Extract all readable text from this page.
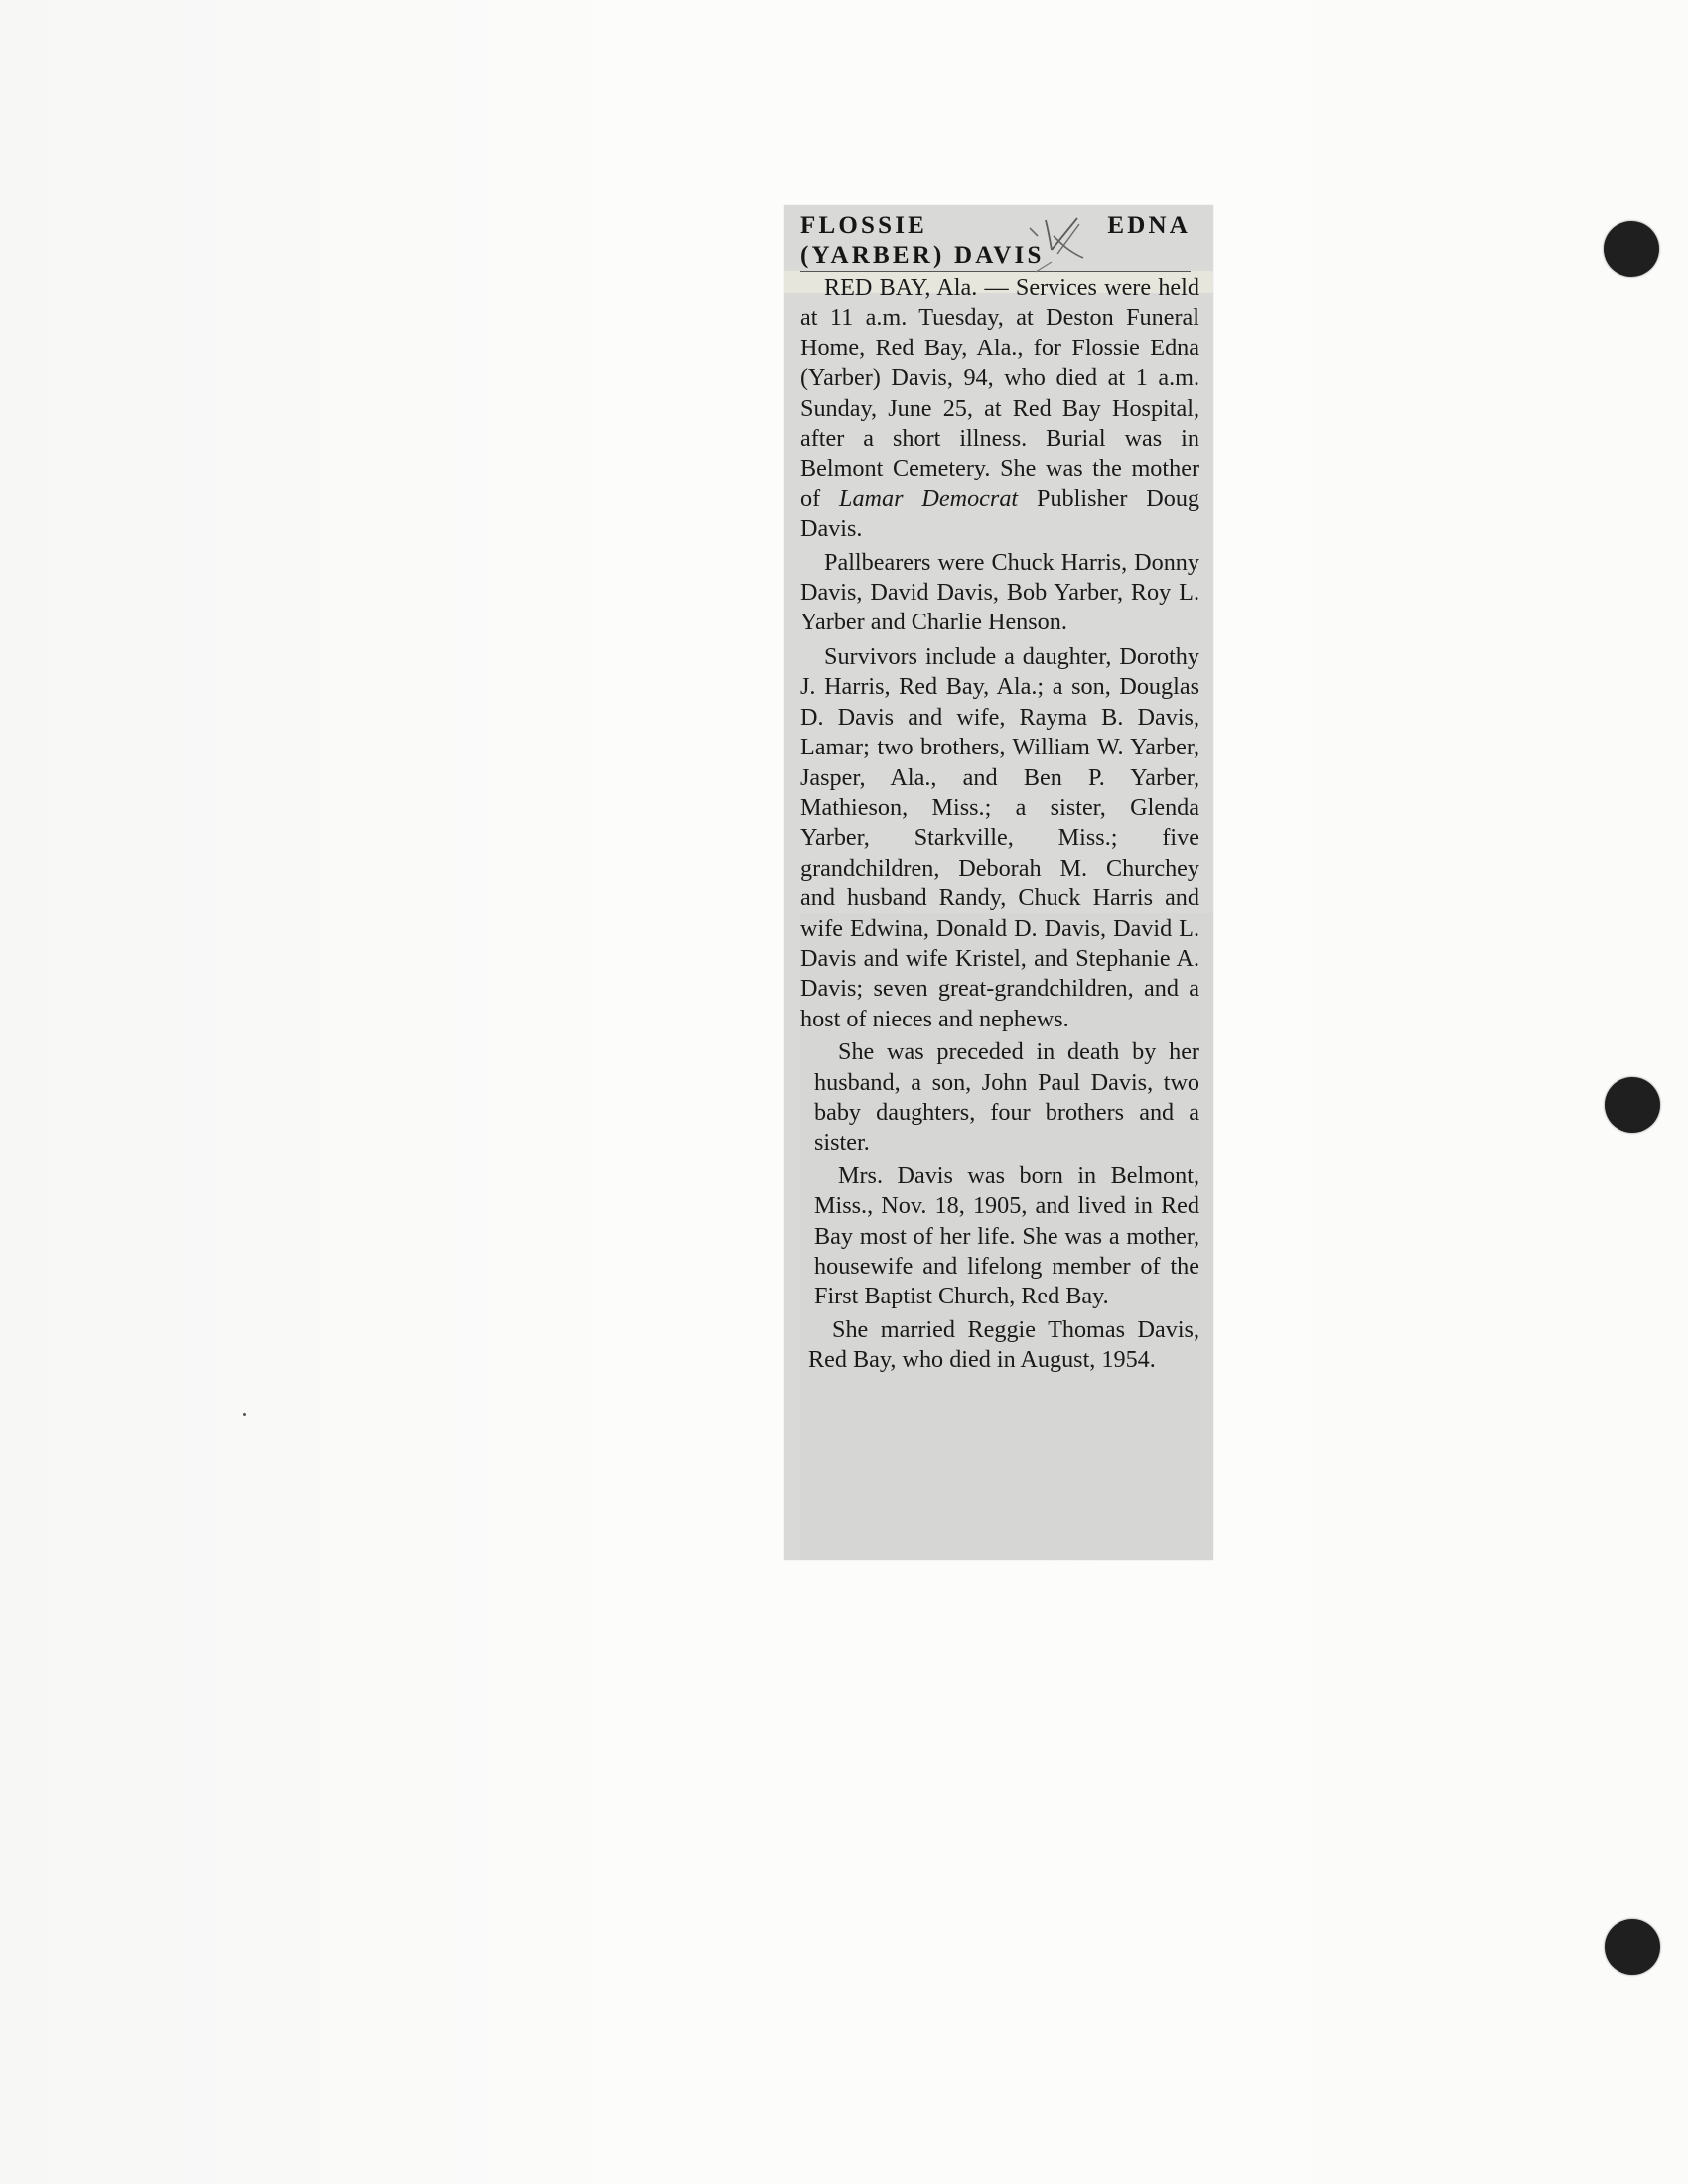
FLOSSIE	EDNA
(YARBER) DAVIS

RED BAY, Ala. — Services were held at 11 a.m. Tuesday, at Deston Funeral Home, Red Bay, Ala., for Flossie Edna (Yarber) Davis, 94, who died at 1 a.m. Sunday, June 25, at Red Bay Hospital, after a short illness. Burial was in Belmont Cemetery. She was the mother of Lamar Democrat Publisher Doug Davis.

Pallbearers were Chuck Harris, Donny Davis, David Davis, Bob Yarber, Roy L. Yarber and Charlie Henson.

Survivors include a daughter, Dorothy J. Harris, Red Bay, Ala.; a son, Douglas D. Davis and wife, Rayma B. Davis, Lamar; two brothers, William W. Yarber, Jasper, Ala., and Ben P. Yarber, Mathieson, Miss.; a sister, Glenda Yarber, Starkville, Miss.; five grandchildren, Deborah M. Churchey and husband Randy, Chuck Harris and wife Edwina, Donald D. Davis, David L. Davis and wife Kristel, and Stephanie A. Davis; seven great-grandchildren, and a host of nieces and nephews.

She was preceded in death by her husband, a son, John Paul Davis, two baby daughters, four brothers and a sister.

Mrs. Davis was born in Belmont, Miss., Nov. 18, 1905, and lived in Red Bay most of her life. She was a mother, housewife and lifelong member of the First Baptist Church, Red Bay.

She married Reggie Thomas Davis, Red Bay, who died in August, 1954.
